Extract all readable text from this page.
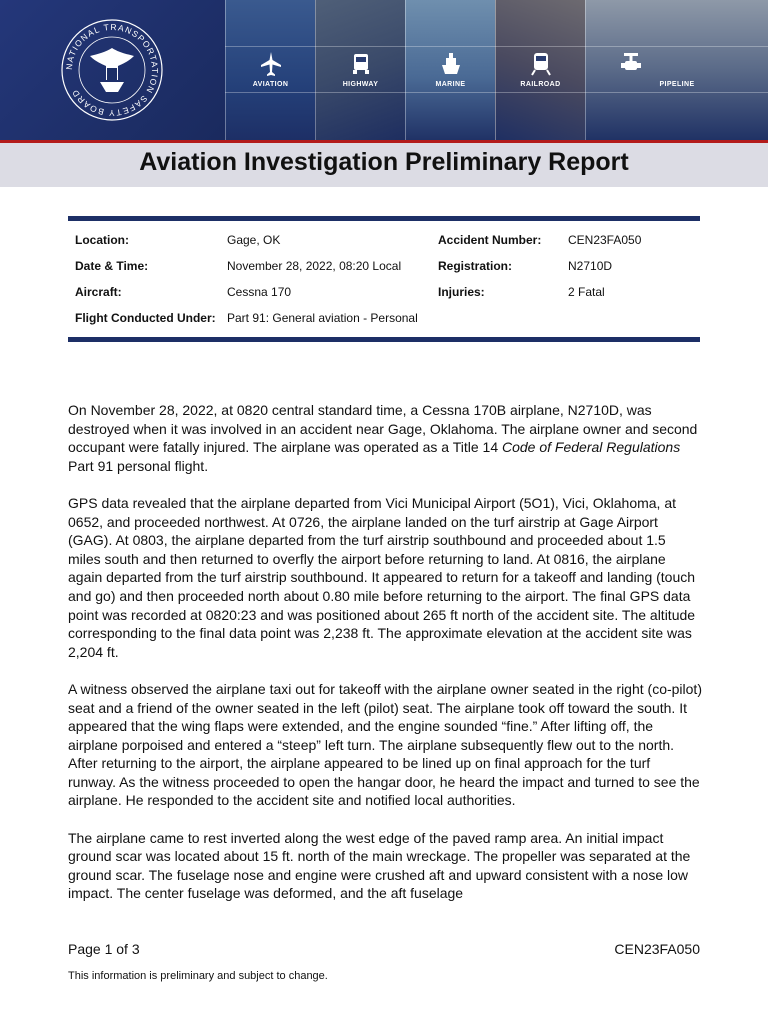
AVIATION	HIGHWAY	MARINE	RAILROAD	PIPELINE
NATIONAL TRANSPORTATION SAFETY BOARD
Aviation Investigation Preliminary Report
Location:	Gage, OK	Accident Number: CEN23FA050
Date & Time:	November 28, 2022, 08:20 Local	Registration:	N2710D
Aircraft:	Cessna 170	Injuries:	2 Fatal
Flight Conducted Under: Part 91: General aviation - Personal

On November 28, 2022, at 0820 central standard time, a Cessna 170B airplane, N2710D, was destroyed when it was involved in an accident near Gage, Oklahoma. The airplane owner and second occupant were fatally injured. The airplane was operated as a Title 14 Code of Federal Regulations Part 91 personal flight.

GPS data revealed that the airplane departed from Vici Municipal Airport (5O1), Vici, Oklahoma, at 0652, and proceeded northwest. At 0726, the airplane landed on the turf airstrip at Gage Airport (GAG). At 0803, the airplane departed from the turf airstrip southbound and proceeded about 1.5 miles south and then returned to overfly the airport before returning to land. At 0816, the airplane again departed from the turf airstrip southbound. It appeared to return for a takeoff and landing (touch and go) and then proceeded north about 0.80 mile before returning to the airport. The final GPS data point was recorded at 0820:23 and was positioned about 265 ft north of the accident site. The altitude corresponding to the final data point was 2,238 ft. The approximate elevation at the accident site was 2,204 ft.

A witness observed the airplane taxi out for takeoff with the airplane owner seated in the right (co-pilot) seat and a friend of the owner seated in the left (pilot) seat. The airplane took off toward the south. It appeared that the wing flaps were extended, and the engine sounded “fine.” After lifting off, the airplane porpoised and entered a “steep” left turn. The airplane subsequently flew out to the north. After returning to the airport, the airplane appeared to be lined up on final approach for the turf runway. As the witness proceeded to open the hangar door, he heard the impact and turned to see the airplane. He responded to the accident site and notified local authorities.

The airplane came to rest inverted along the west edge of the paved ramp area. An initial impact ground scar was located about 15 ft. north of the main wreckage. The propeller was separated at the ground scar. The fuselage nose and engine were crushed aft and upward consistent with a nose low impact. The center fuselage was deformed, and the aft fuselage

Page 1 of 3	CEN23FA050
This information is preliminary and subject to change.
